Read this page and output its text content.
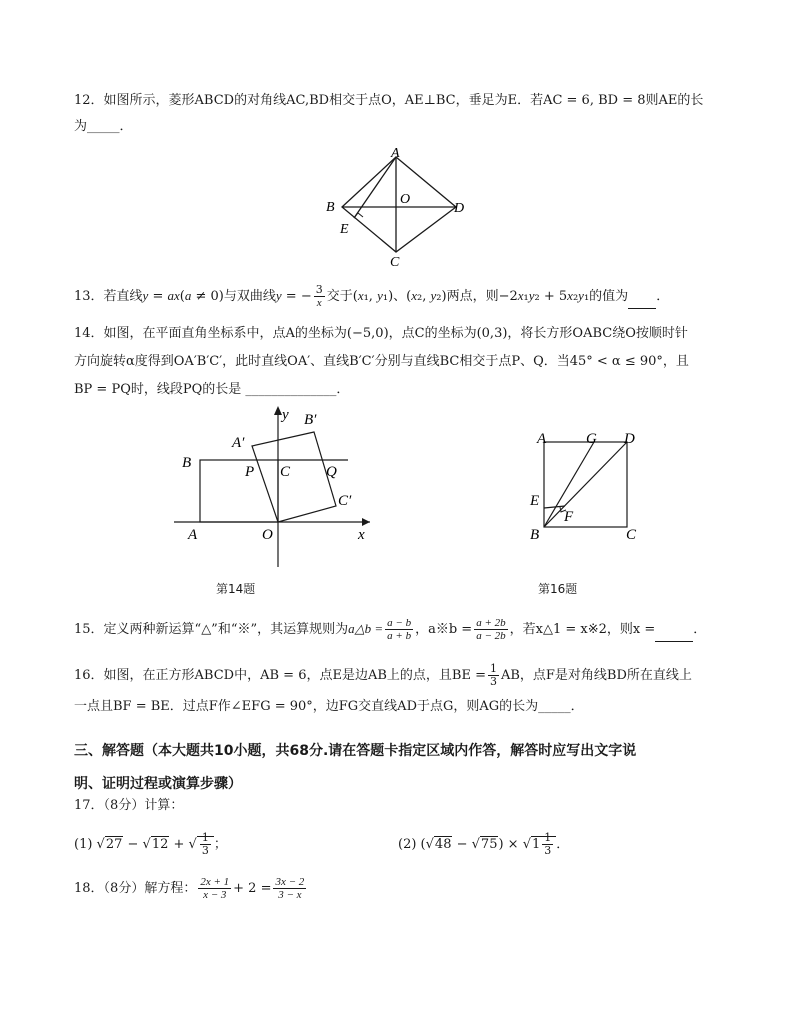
12．如图所示，菱形ABCD的对角线AC,BD相交于点O，AE⊥BC，垂足为E．若AC = 6, BD = 8则AE的长
为_____．
A
B
O
D
E
C
13．若直线y = ax(a ≠ 0)与双曲线y = − $\frac{3}{x}$ 交于(x₁, y₁)、(x₂, y₂)两点，则−2x₁y₂ + 5x₂y₁的值为 ．
14．如图，在平面直角坐标系中，点A的坐标为(−5,0)，点C的坐标为(0,3)，将长方形OABC绕O按顺时针
方向旋转α度得到OA′B′C′，此时直线OA′、直线B′C′分别与直线BC相交于点P、Q．当45° < α ≤ 90°，且
BP = PQ时，线段PQ的长是 ______________．
y B′
A′
B
P C Q
C′
A	O	x
第14题
A	G D
E
F
B	C
第16题
15．定义两种新运算“△”和“※”，其运算规则为a△b = $\frac{a - b}{a + b}$ ，a※b = $\frac{a + 2b}{a - 2b}$ ，若x△1 = x※2，则x =	．
16．如图，在正方形ABCD中，AB = 6，点E是边AB上的点，且BE = $\frac{1}{3}$ AB，点F是对角线BD所在直线上
一点且BF = BE．过点F作∠EFG = 90°，边FG交直线AD于点G，则AG的长为_____．
三、解答题（本大题共10小题，共68分.请在答题卡指定区域内作答，解答时应写出文字说
明、证明过程或演算步骤）
17．（8分）计算：
(1) √27 − √12 + √ $\frac{1}{3}$ ；	(2) $(√48 - √75) \times √1 \frac{1}{3}$ ．
18．（8分）解方程： $\frac{2x + 1}{x - 3} + 2 = \frac{3x - 2}{3 - x}$
